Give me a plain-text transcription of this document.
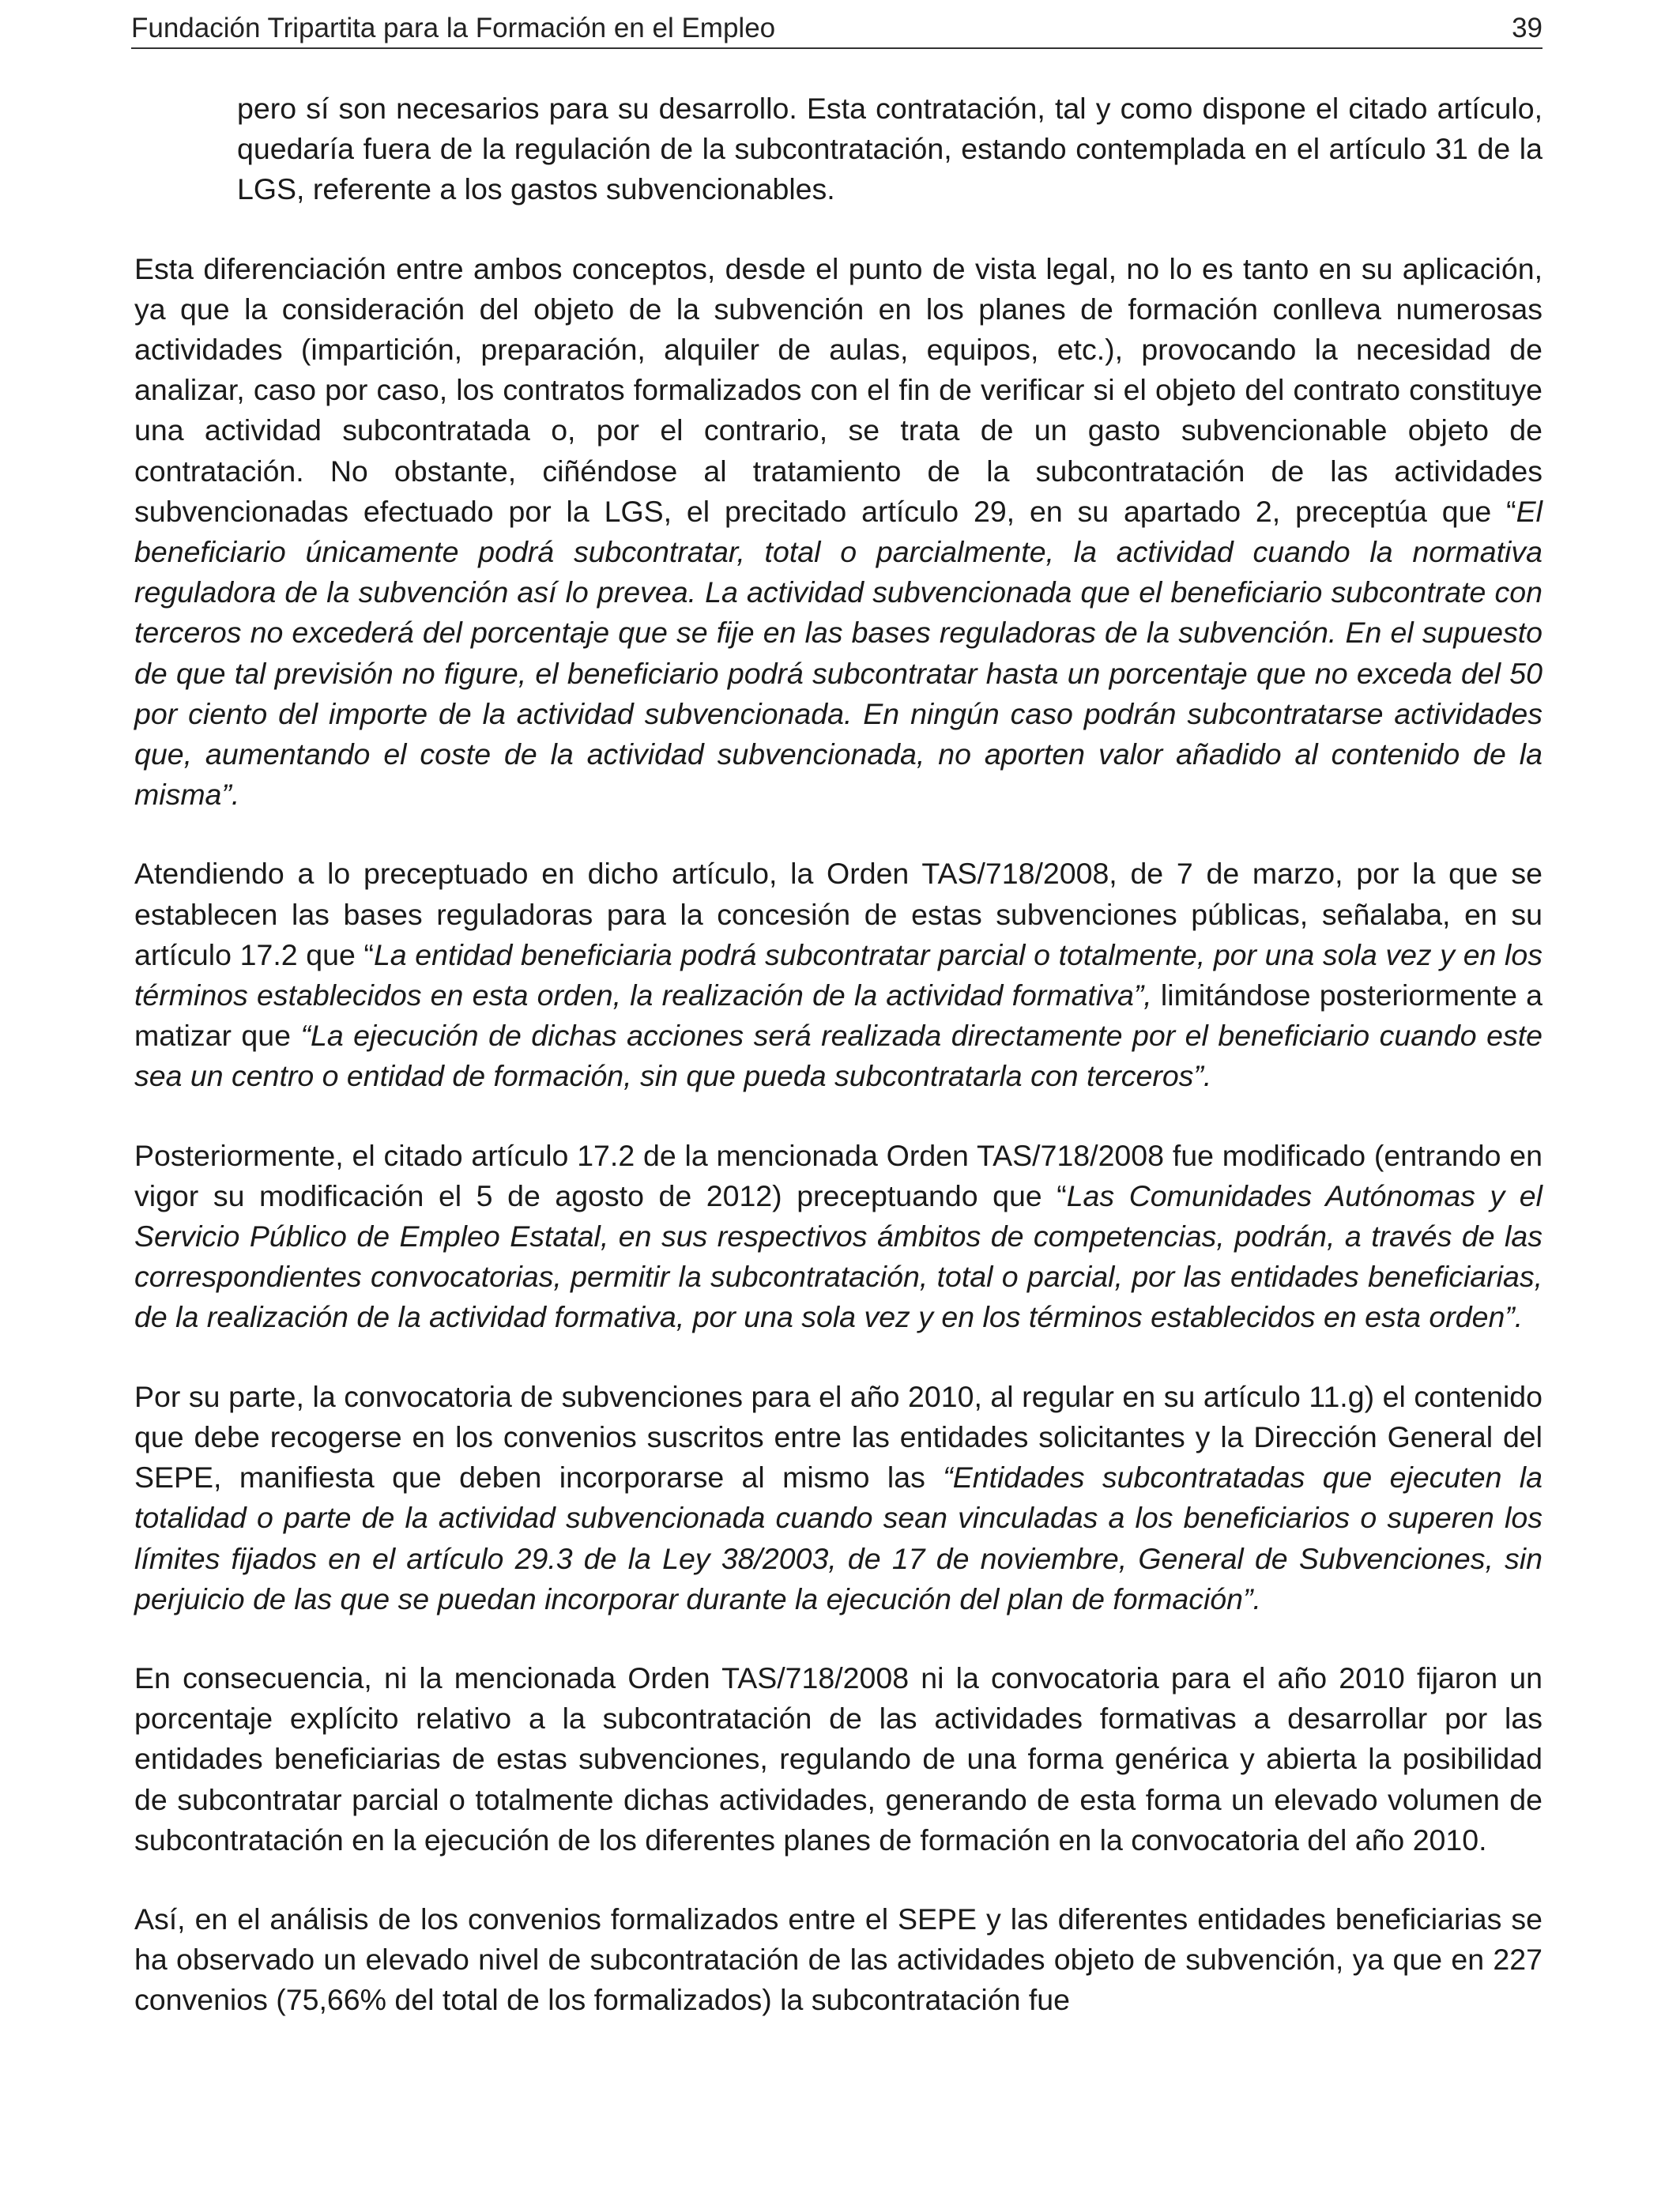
Fundación Tripartita para la Formación en el Empleo	39

pero sí son necesarios para su desarrollo. Esta contratación, tal y como dispone el citado artículo, quedaría fuera de la regulación de la subcontratación, estando contemplada en el artículo 31 de la LGS, referente a los gastos subvencionables.

Esta diferenciación entre ambos conceptos, desde el punto de vista legal, no lo es tanto en su aplicación, ya que la consideración del objeto de la subvención en los planes de formación conlleva numerosas actividades (impartición, preparación, alquiler de aulas, equipos, etc.), provocando la necesidad de analizar, caso por caso, los contratos formalizados con el fin de verificar si el objeto del contrato constituye una actividad subcontratada o, por el contrario, se trata de un gasto subvencionable objeto de contratación. No obstante, ciñéndose al tratamiento de la subcontratación de las actividades subvencionadas efectuado por la LGS, el precitado artículo 29, en su apartado 2, preceptúa que “El beneficiario únicamente podrá subcontratar, total o parcialmente, la actividad cuando la normativa reguladora de la subvención así lo prevea. La actividad subvencionada que el beneficiario subcontrate con terceros no excederá del porcentaje que se fije en las bases reguladoras de la subvención. En el supuesto de que tal previsión no figure, el beneficiario podrá subcontratar hasta un porcentaje que no exceda del 50 por ciento del importe de la actividad subvencionada. En ningún caso podrán subcontratarse actividades que, aumentando el coste de la actividad subvencionada, no aporten valor añadido al contenido de la misma”.

Atendiendo a lo preceptuado en dicho artículo, la Orden TAS/718/2008, de 7 de marzo, por la que se establecen las bases reguladoras para la concesión de estas subvenciones públicas, señalaba, en su artículo 17.2 que “La entidad beneficiaria podrá subcontratar parcial o totalmente, por una sola vez y en los términos establecidos en esta orden, la realización de la actividad formativa”, limitándose posteriormente a matizar que “La ejecución de dichas acciones será realizada directamente por el beneficiario cuando este sea un centro o entidad de formación, sin que pueda subcontratarla con terceros”.

Posteriormente, el citado artículo 17.2 de la mencionada Orden TAS/718/2008 fue modificado (entrando en vigor su modificación el 5 de agosto de 2012) preceptuando que “Las Comunidades Autónomas y el Servicio Público de Empleo Estatal, en sus respectivos ámbitos de competencias, podrán, a través de las correspondientes convocatorias, permitir la subcontratación, total o parcial, por las entidades beneficiarias, de la realización de la actividad formativa, por una sola vez y en los términos establecidos en esta orden”.

Por su parte, la convocatoria de subvenciones para el año 2010, al regular en su artículo 11.g) el contenido que debe recogerse en los convenios suscritos entre las entidades solicitantes y la Dirección General del SEPE, manifiesta que deben incorporarse al mismo las “Entidades subcontratadas que ejecuten la totalidad o parte de la actividad subvencionada cuando sean vinculadas a los beneficiarios o superen los límites fijados en el artículo 29.3 de la Ley 38/2003, de 17 de noviembre, General de Subvenciones, sin perjuicio de las que se puedan incorporar durante la ejecución del plan de formación”.

En consecuencia, ni la mencionada Orden TAS/718/2008 ni la convocatoria para el año 2010 fijaron un porcentaje explícito relativo a la subcontratación de las actividades formativas a desarrollar por las entidades beneficiarias de estas subvenciones, regulando de una forma genérica y abierta la posibilidad de subcontratar parcial o totalmente dichas actividades, generando de esta forma un elevado volumen de subcontratación en la ejecución de los diferentes planes de formación en la convocatoria del año 2010.

Así, en el análisis de los convenios formalizados entre el SEPE y las diferentes entidades beneficiarias se ha observado un elevado nivel de subcontratación de las actividades objeto de subvención, ya que en 227 convenios (75,66% del total de los formalizados) la subcontratación fue
